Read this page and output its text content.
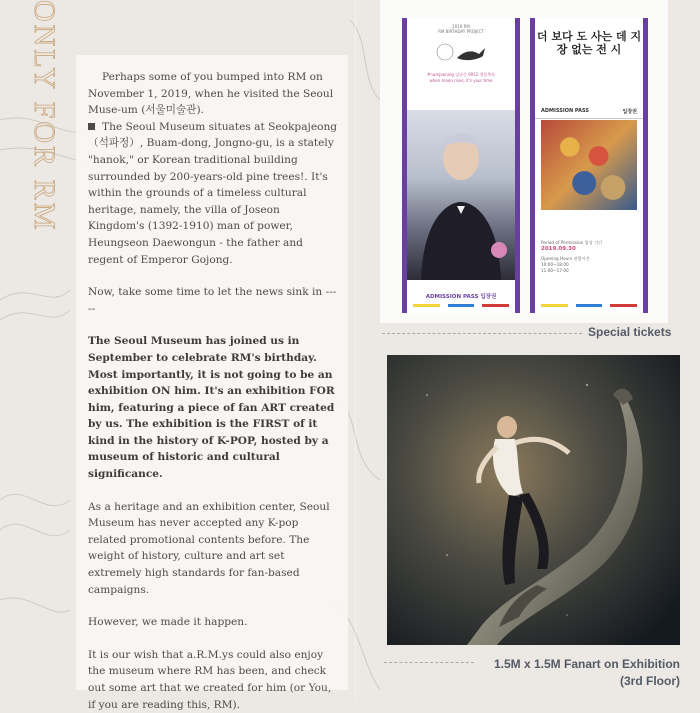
ONLY FOR RM	Perhaps some of you bumped into RM on November 1, 2019, when he visited the Seoul Muse-um (서울미술관).

The Seoul Museum situates at Seokpajeong（석파정）, Buam-dong, Jongno-gu, is a stately "hanok," or Korean traditional building surrounded by 200-years-old pine trees!. It's within the grounds of a timeless cultural heritage, namely, the villa of Joseon Kingdom's (1392-1910) man of power, Heungseon Daewongun - the father and regent of Emperor Gojong.

Now, take some time to let the news sink in -----

The Seoul Museum has joined us in September to celebrate RM's birthday. Most importantly, it is not going to be an exhibition ON him. It's an exhibition FOR him, featuring a piece of fan ART created by us. The exhibition is the FIRST of it kind in the history of K-POP, hosted by a museum of historic and cultural significance.

As a heritage and an exhibition center, Seoul Museum has never accepted any K-pop related promotional contents before. The weight of history, culture and art set extremely high standards for fan-based campaigns.

However, we made it happen.

It is our wish that a.R.M.ys could also enjoy the museum where RM has been, and check out some art that we created for him (or You, if you are reading this, RM).

2019 RM
RM BIRTHDAY PROJECT
#namjooning 김남준 0912 생일축하
when moon rises, it's your time
ADMISSION PASS 입장권
더 보다 도 사는 데 지 장 없는 전 시
ADMISSION PASS	입장권
Period of Permission 입장 기간
2019.09.30
Opening Hours 관람시간
10:00~18:00
11:00~17:00
Special tickets
1.5M x 1.5M Fanart on Exhibition
(3rd Floor)
